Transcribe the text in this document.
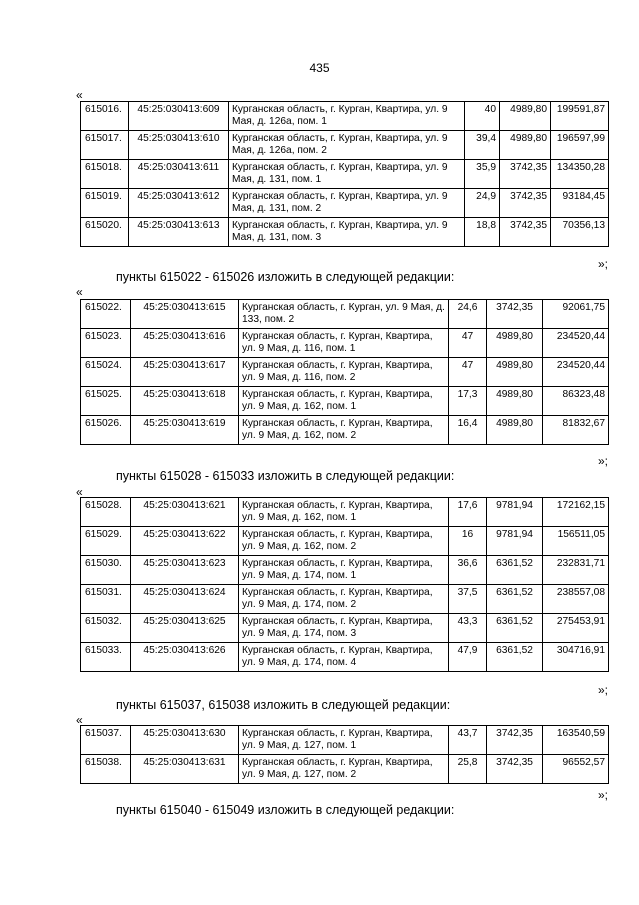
435
«
615016.	45:25:030413:609	Курганская область, г. Курган, Квартира, ул. 9 Мая, д. 126а, пом. 1	40	4989,80	199591,87
615017.	45:25:030413:610	Курганская область, г. Курган, Квартира, ул. 9 Мая, д. 126а, пом. 2	39,4	4989,80	196597,99
615018.	45:25:030413:611	Курганская область, г. Курган, Квартира, ул. 9 Мая, д. 131, пом. 1	35,9	3742,35	134350,28
615019.	45:25:030413:612	Курганская область, г. Курган, Квартира, ул. 9 Мая, д. 131, пом. 2	24,9	3742,35	93184,45
615020.	45:25:030413:613	Курганская область, г. Курган, Квартира, ул. 9 Мая, д. 131, пом. 3	18,8	3742,35	70356,13
»;
пункты 615022 - 615026 изложить в следующей редакции:
«
615022.	45:25:030413:615	Курганская область, г. Курган, ул. 9 Мая, д. 133, пом. 2	24,6	3742,35	92061,75
615023.	45:25:030413:616	Курганская область, г. Курган, Квартира, ул. 9 Мая, д. 116, пом. 1	47	4989,80	234520,44
615024.	45:25:030413:617	Курганская область, г. Курган, Квартира, ул. 9 Мая, д. 116, пом. 2	47	4989,80	234520,44
615025.	45:25:030413:618	Курганская область, г. Курган, Квартира, ул. 9 Мая, д. 162, пом. 1	17,3	4989,80	86323,48
615026.	45:25:030413:619	Курганская область, г. Курган, Квартира, ул. 9 Мая, д. 162, пом. 2	16,4	4989,80	81832,67
»;
пункты 615028 - 615033 изложить в следующей редакции:
«
615028.	45:25:030413:621	Курганская область, г. Курган, Квартира, ул. 9 Мая, д. 162, пом. 1	17,6	9781,94	172162,15
615029.	45:25:030413:622	Курганская область, г. Курган, Квартира, ул. 9 Мая, д. 162, пом. 2	16	9781,94	156511,05
615030.	45:25:030413:623	Курганская область, г. Курган, Квартира, ул. 9 Мая, д. 174, пом. 1	36,6	6361,52	232831,71
615031.	45:25:030413:624	Курганская область, г. Курган, Квартира, ул. 9 Мая, д. 174, пом. 2	37,5	6361,52	238557,08
615032.	45:25:030413:625	Курганская область, г. Курган, Квартира, ул. 9 Мая, д. 174, пом. 3	43,3	6361,52	275453,91
615033.	45:25:030413:626	Курганская область, г. Курган, Квартира, ул. 9 Мая, д. 174, пом. 4	47,9	6361,52	304716,91
»;
пункты 615037, 615038 изложить в следующей редакции:
«
615037.	45:25:030413:630	Курганская область, г. Курган, Квартира, ул. 9 Мая, д. 127, пом. 1	43,7	3742,35	163540,59
615038.	45:25:030413:631	Курганская область, г. Курган, Квартира, ул. 9 Мая, д. 127, пом. 2	25,8	3742,35	96552,57
»;
пункты 615040 - 615049 изложить в следующей редакции:
